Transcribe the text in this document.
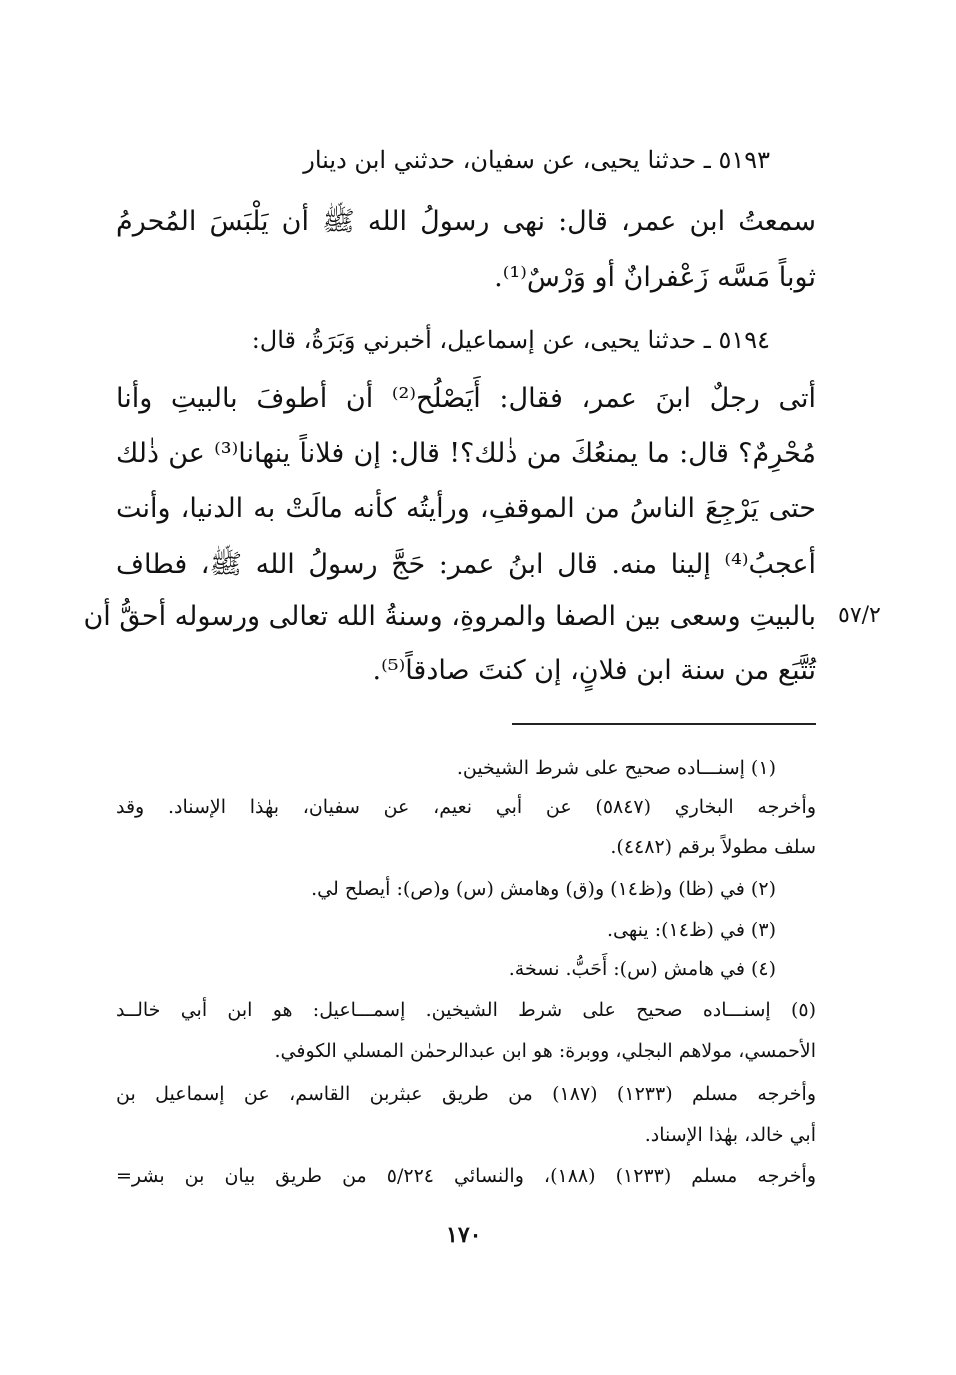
٥١٩٣ ـ حدثنا يحيى، عن سفيان، حدثني ابن دينار
سمعتُ ابن عمر، قال: نهى رسولُ الله ﷺ أن يَلْبَسَ المُحرمُ
ثوباً مَسَّه زَعْفرانٌ أو وَرْسٌ⁽¹⁾.
٥١٩٤ ـ حدثنا يحيى، عن إسماعيل، أخبرني وَبَرَةُ، قال:
أتى رجلٌ ابنَ عمر، فقال: أَيَصْلُح⁽²⁾ أن أطوفَ بالبيتِ وأنا
مُحْرِمٌ؟ قال: ما يمنعُكَ من ذٰلك؟! قال: إن فلاناً ينهانا⁽³⁾ عن ذٰلك
حتى يَرْجِعَ الناسُ من الموقفِ، ورأيتُه كأنه مالَتْ به الدنيا، وأنت
أعجبُ⁽⁴⁾ إلينا منه. قال ابنُ عمر: حَجَّ رسولُ الله ﷺ، فطاف
بالبيتِ وسعى بين الصفا والمروةِ، وسنةُ الله تعالى ورسوله أحقُّ أن
تُتَّبَع من سنة ابن فلانٍ، إن كنتَ صادقاً⁽⁵⁾.
٥٧/٢
(١) إسنـــاده صحيح على شرط الشيخين.
وأخرجه البخاري (٥٨٤٧) عن أبي نعيم، عن سفيان، بهٰذا الإسناد. وقد
سلف مطولاً برقم (٤٤٨٢).
(٢) في (ظا) و(ظ١٤) و(ق) وهامش (س) و(ص): أيصلح لي.
(٣) في (ظ١٤): ينهى.
(٤) في هامش (س): أَحَبُّ. نسخة.
(٥) إسنـــاده صحيح على شرط الشيخين. إسمـــاعيل: هو ابن أبي خالــد
الأحمسي، مولاهم البجلي، ووبرة: هو ابن عبدالرحمٰن المسلي الكوفي.
وأخرجه مسلم (١٢٣٣) (١٨٧) من طريق عبثربن القاسم، عن إسماعيل بن
أبي خالد، بهٰذا الإسناد.
وأخرجه مسلم (١٢٣٣) (١٨٨)، والنسائي ٥/٢٢٤ من طريق بيان بن بشر=
١٧٠
